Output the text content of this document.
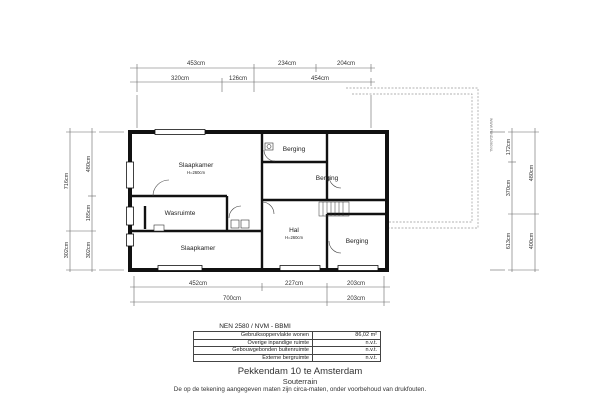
453cm	234cm	204cm
320cm	126cm	454cm
WWW.FUNDA360.NL
Slaapkamer
H=260cm
Wasruimte
Slaapkamer
Berging
Berging
Hal
H=260cm
Berging
716cm
480cm
185cm
302cm	302cm
172cm
370cm
480cm
613cm	400cm
452cm	227cm	203cm
700cm	203cm
NEN 2580 / NVM - BBMI
Gebruiksoppervlakte wonen	86,02 m²
Overige inpandige ruimte	n.v.t.
Gebouwgebonden buitenruimte	n.v.t.
Externe bergruimte	n.v.t.
Pekkendam 10 te Amsterdam
Souterrain
De op de tekening aangegeven maten zijn circa-maten, onder voorbehoud van drukfouten.
